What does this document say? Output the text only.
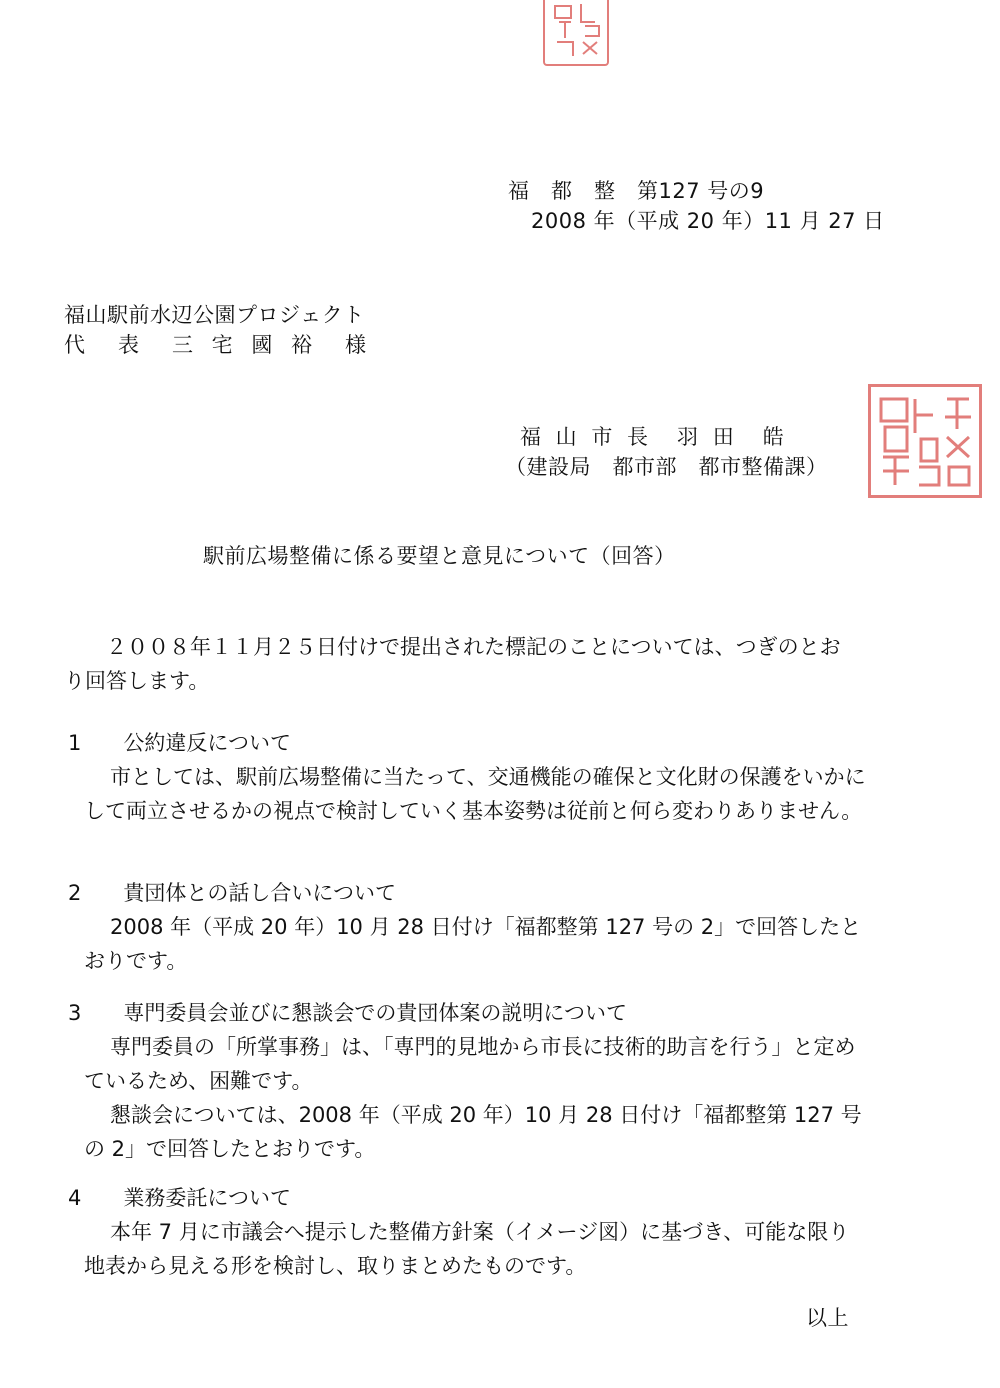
福　都　整　第127 号の9
2008 年（平成 20 年）11 月 27 日
福山駅前水辺公園プロジェクト
代　表　三 宅 國 裕　様
福 山 市 長　羽 田　皓
（建設局　都市部　都市整備課）
駅前広場整備に係る要望と意見について（回答）

２００８年１１月２５日付けで提出された標記のことについては、つぎのとおり回答します。

1　　 公約違反について

市としては、駅前広場整備に当たって、交通機能の確保と文化財の保護をいかにして両立させるかの視点で検討していく基本姿勢は従前と何ら変わりありません。

2　　 貴団体との話し合いについて

2008 年（平成 20 年）10 月 28 日付け「福都整第 127 号の 2」で回答したとおりです。

3　　 専門委員会並びに懇談会での貴団体案の説明について

専門委員の「所掌事務」は、「専門的見地から市長に技術的助言を行う」と定めているため、困難です。

懇談会については、2008 年（平成 20 年）10 月 28 日付け「福都整第 127 号の 2」で回答したとおりです。

4　　 業務委託について

本年 7 月に市議会へ提示した整備方針案（イメージ図）に基づき、可能な限り地表から見える形を検討し、取りまとめたものです。

以上
